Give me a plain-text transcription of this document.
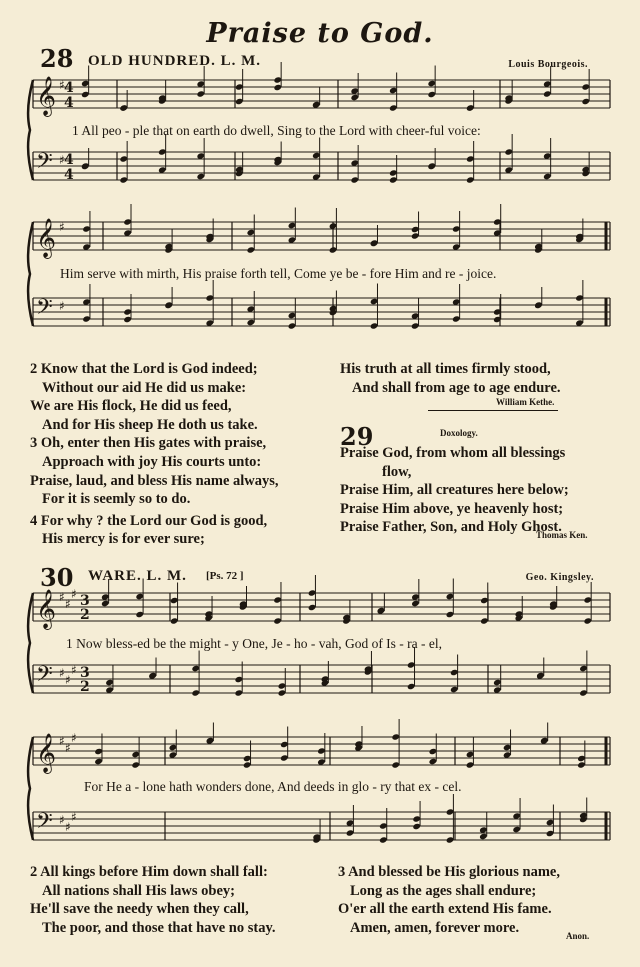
Praise to God.
28 OLD HUNDRED. L. M.	Louis Bourgeois.
𝄞 ♯
𝄢 ♯
𝄞 ♯
𝄢 ♯
𝄞 ♯ ♯
♯
𝄢 ♯ ♯
♯
𝄞 ♯ ♯
♯
𝄢 ♯ ♯
♯
4
4
4
4
3
2
3
2
1 All peo - ple that on earth do dwell, Sing to the Lord with cheer-ful voice:
Him serve with mirth, His praise forth tell, Come ye be - fore Him and re - joice.
2 Know that the Lord is God indeed;
Without our aid He did us make:
We are His flock, He did us feed,
And for His sheep He doth us take.
3 Oh, enter then His gates with praise,
Approach with joy His courts unto:
Praise, laud, and bless His name always,
For it is seemly so to do.
4 For why ? the Lord our God is good,
His mercy is for ever sure;
His truth at all times firmly stood,
And shall from age to age endure.
William Kethe.
29	Doxology.
Praise God, from whom all blessings
flow,
Praise Him, all creatures here below;
Praise Him above, ye heavenly host;
Praise Father, Son, and Holy Ghost.
Thomas Ken.
30 WARE. L. M. [Ps. 72 ]	Geo. Kingsley.
1 Now bless-ed be the might - y One, Je - ho - vah, God of Is - ra - el,
For He a - lone hath wonders done, And deeds in glo - ry that ex - cel.
2 All kings before Him down shall fall:
All nations shall His laws obey;
He'll save the needy when they call,
The poor, and those that have no stay.
3 And blessed be His glorious name,
Long as the ages shall endure;
O'er all the earth extend His fame.
Amen, amen, forever more.
Anon.
